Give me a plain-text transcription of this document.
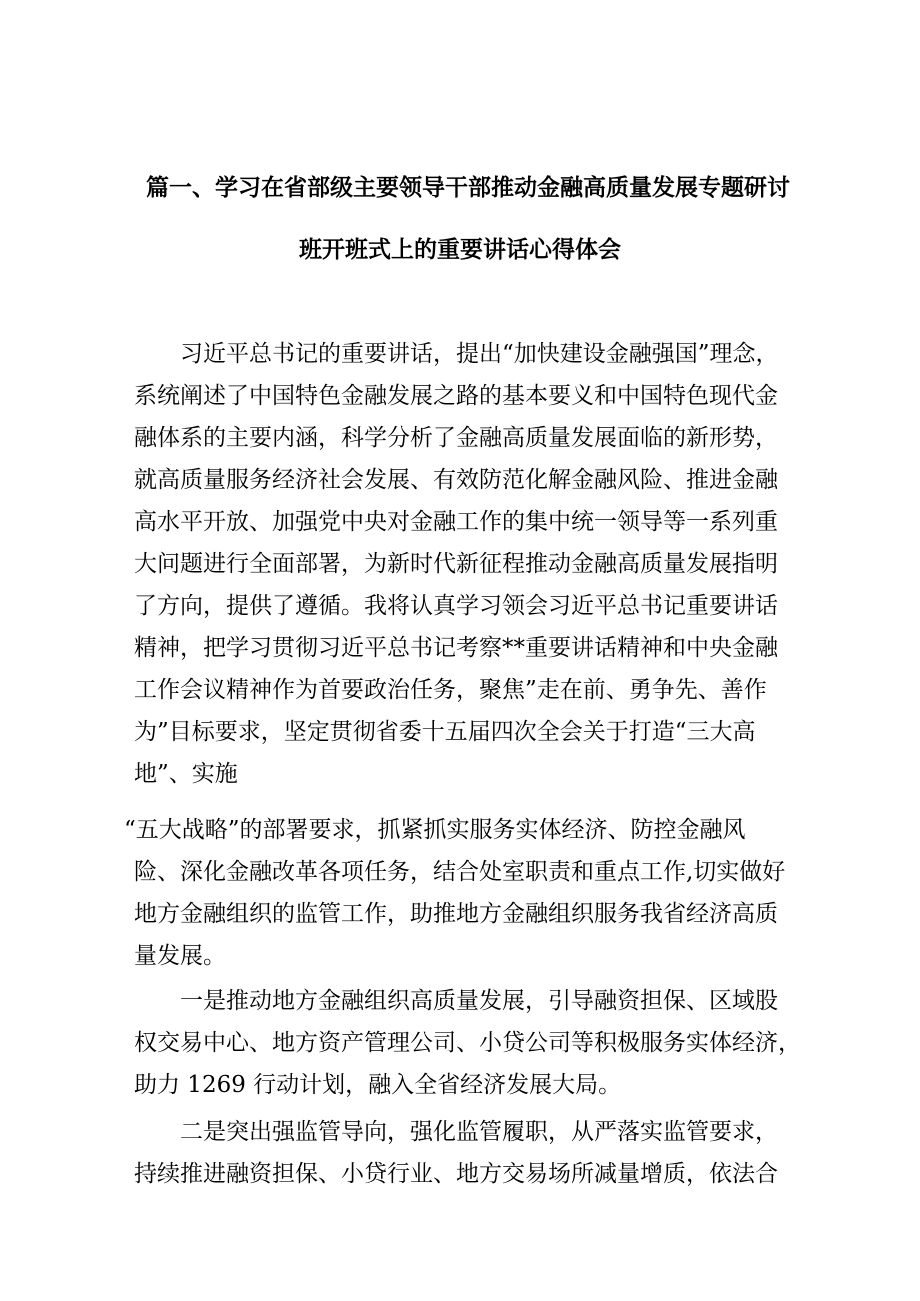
篇一、学习在省部级主要领导干部推动金融高质量发展专题研讨
班开班式上的重要讲话心得体会
习近平总书记的重要讲话，提出“加快建设金融强国”理念，
系统阐述了中国特色金融发展之路的基本要义和中国特色现代金
融体系的主要内涵，科学分析了金融高质量发展面临的新形势，
就高质量服务经济社会发展、有效防范化解金融风险、推进金融
高水平开放、加强党中央对金融工作的集中统一领导等一系列重
大问题进行全面部署，为新时代新征程推动金融高质量发展指明
了方向，提供了遵循。我将认真学习领会习近平总书记重要讲话
精神，把学习贯彻习近平总书记考察**重要讲话精神和中央金融
工作会议精神作为首要政治任务，聚焦”走在前、勇争先、善作
为”目标要求，坚定贯彻省委十五届四次全会关于打造“三大高
地”、实施
“五大战略”的部署要求，抓紧抓实服务实体经济、防控金融风
险、深化金融改革各项任务，结合处室职责和重点工作,切实做好
地方金融组织的监管工作，助推地方金融组织服务我省经济高质
量发展。
一是推动地方金融组织高质量发展，引导融资担保、区域股
权交易中心、地方资产管理公司、小贷公司等积极服务实体经济，
助力 1269 行动计划，融入全省经济发展大局。
二是突出强监管导向，强化监管履职，从严落实监管要求，
持续推进融资担保、小贷行业、地方交易场所减量增质，依法合
